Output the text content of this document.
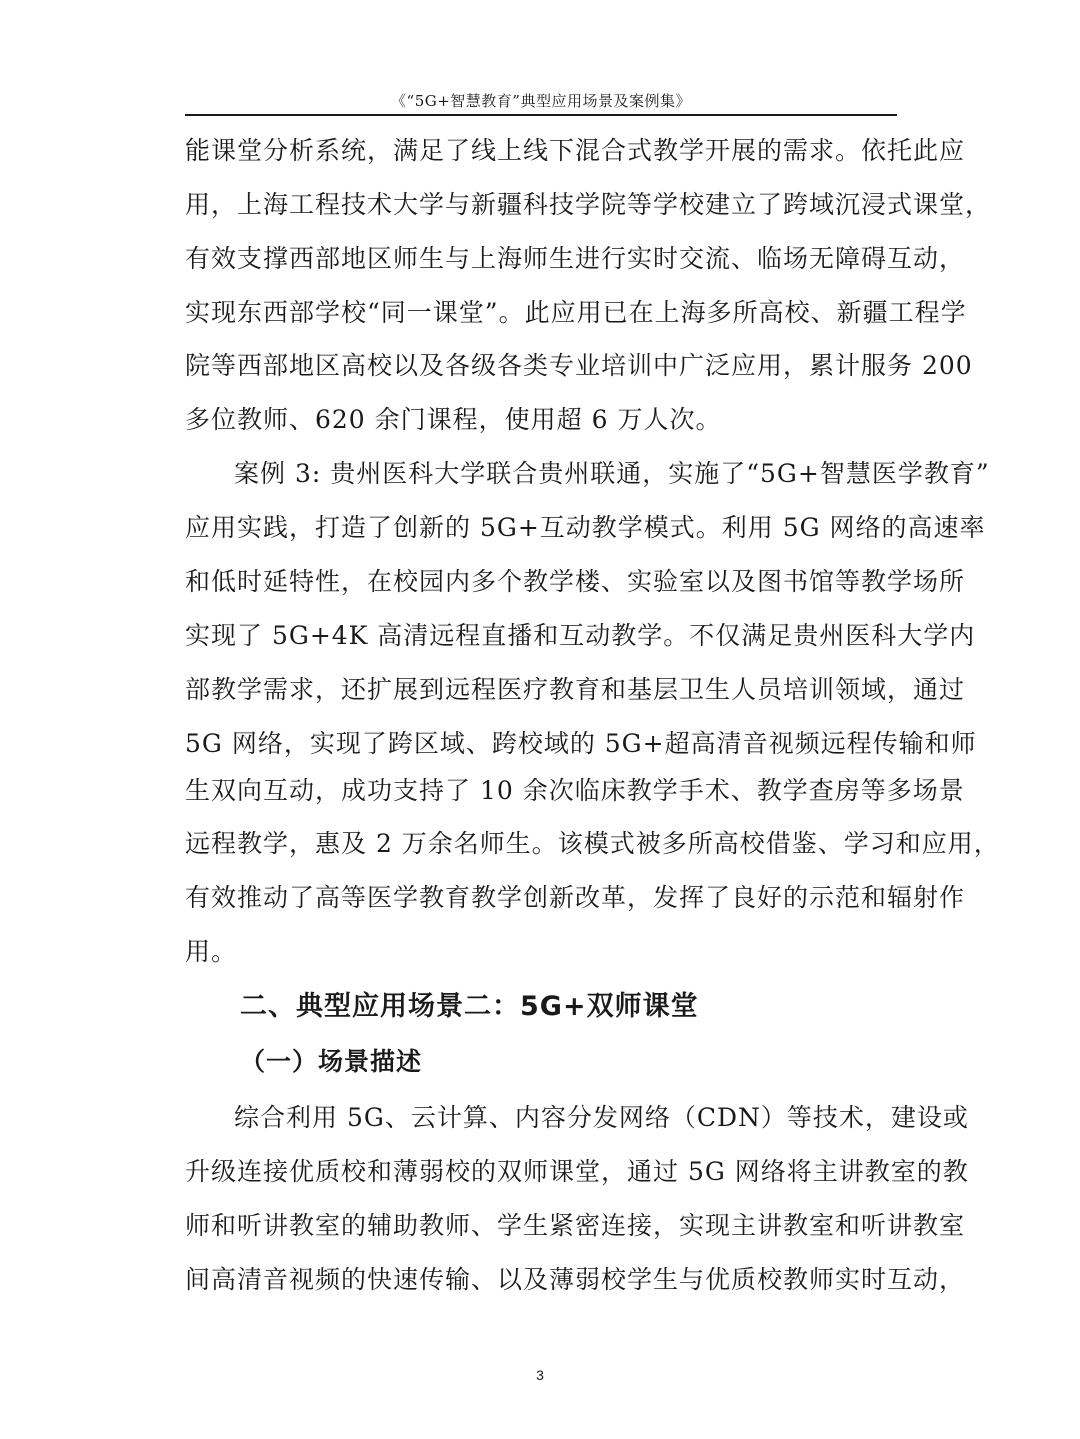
《“5G+智慧教育”典型应用场景及案例集》
能课堂分析系统，满足了线上线下混合式教学开展的需求。依托此应
用，上海工程技术大学与新疆科技学院等学校建立了跨域沉浸式课堂，
有效支撑西部地区师生与上海师生进行实时交流、临场无障碍互动，
实现东西部学校“同一课堂”。此应用已在上海多所高校、新疆工程学
院等西部地区高校以及各级各类专业培训中广泛应用，累计服务 200
多位教师、620 余门课程，使用超 6 万人次。
案例 3: 贵州医科大学联合贵州联通，实施了“5G+智慧医学教育”
应用实践，打造了创新的 5G+互动教学模式。利用 5G 网络的高速率
和低时延特性，在校园内多个教学楼、实验室以及图书馆等教学场所
实现了 5G+4K 高清远程直播和互动教学。不仅满足贵州医科大学内
部教学需求，还扩展到远程医疗教育和基层卫生人员培训领域，通过
5G 网络，实现了跨区域、跨校域的 5G+超高清音视频远程传输和师
生双向互动，成功支持了 10 余次临床教学手术、教学查房等多场景
远程教学，惠及 2 万余名师生。该模式被多所高校借鉴、学习和应用，
有效推动了高等医学教育教学创新改革，发挥了良好的示范和辐射作
用。
二、典型应用场景二：5G+双师课堂
（一）场景描述
综合利用 5G、云计算、内容分发网络（CDN）等技术，建设或
升级连接优质校和薄弱校的双师课堂，通过 5G 网络将主讲教室的教
师和听讲教室的辅助教师、学生紧密连接，实现主讲教室和听讲教室
间高清音视频的快速传输、以及薄弱校学生与优质校教师实时互动，
3
